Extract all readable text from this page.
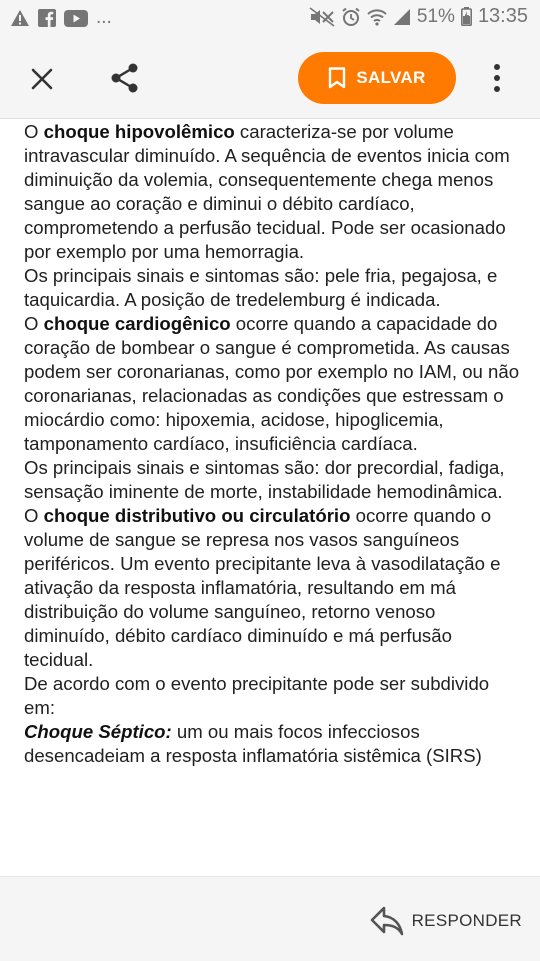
...	51% 13:35
SALVAR

O choque hipovolêmico caracteriza-se por volume intravascular diminuído. A sequência de eventos inicia com diminuição da volemia, consequentemente chega menos sangue ao coração e diminui o débito cardíaco, comprometendo a perfusão tecidual. Pode ser ocasionado por exemplo por uma hemorragia.

Os principais sinais e sintomas são: pele fria, pegajosa, e taquicardia. A posição de tredelemburg é indicada.

O choque cardiogênico ocorre quando a capacidade do coração de bombear o sangue é comprometida. As causas podem ser coronarianas, como por exemplo no IAM, ou não coronarianas, relacionadas as condições que estressam o miocárdio como: hipoxemia, acidose, hipoglicemia, tamponamento cardíaco, insuficiência cardíaca.

Os principais sinais e sintomas são: dor precordial, fadiga, sensação iminente de morte, instabilidade hemodinâmica.

O choque distributivo ou circulatório ocorre quando o volume de sangue se represa nos vasos sanguíneos periféricos. Um evento precipitante leva à vasodilatação e ativação da resposta inflamatória, resultando em má distribuição do volume sanguíneo, retorno venoso diminuído, débito cardíaco diminuído e má perfusão tecidual.

De acordo com o evento precipitante pode ser subdivido em:

Choque Séptico: um ou mais focos infecciosos desencadeiam a resposta inflamatória sistêmica (SIRS)

RESPONDER
